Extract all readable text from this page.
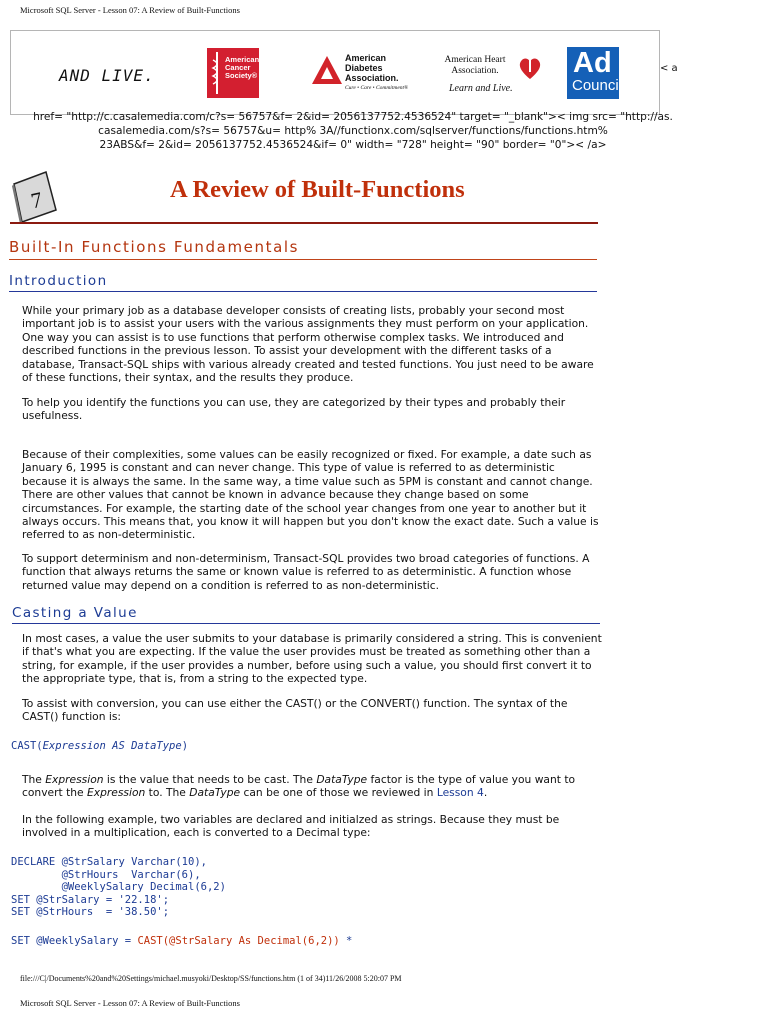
Microsoft SQL Server - Lesson 07: A Review of Built-Functions
AND LIVE.
American
Cancer
Society®
American
Diabetes
Association.
Cure • Care • Commitment®
American Heart
Association.
Learn and Live.
Ad
Council
< a
href= "http://c.casalemedia.com/c?s= 56757&f= 2&id= 2056137752.4536524" target= "_blank">< img src= "http://as.
casalemedia.com/s?s= 56757&u= http% 3A//functionx.com/sqlserver/functions/functions.htm%
23ABS&f= 2&id= 2056137752.4536524&if= 0" width= "728" height= "90" border= "0">< /a>
7	A Review of Built-Functions
Built-In Functions Fundamentals
Introduction

While your primary job as a database developer consists of creating lists, probably your second most important job is to assist your users with the various assignments they must perform on your application. One way you can assist is to use functions that perform otherwise complex tasks. We introduced and described functions in the previous lesson. To assist your development with the different tasks of a database, Transact-SQL ships with various already created and tested functions. You just need to be aware of these functions, their syntax, and the results they produce.

To help you identify the functions you can use, they are categorized by their types and probably their usefulness.

Because of their complexities, some values can be easily recognized or fixed. For example, a date such as January 6, 1995 is constant and can never change. This type of value is referred to as deterministic because it is always the same. In the same way, a time value such as 5PM is constant and cannot change. There are other values that cannot be known in advance because they change based on some circumstances. For example, the starting date of the school year changes from one year to another but it always occurs. This means that, you know it will happen but you don't know the exact date. Such a value is referred to as non-deterministic.

To support determinism and non-determinism, Transact-SQL provides two broad categories of functions. A function that always returns the same or known value is referred to as deterministic. A function whose returned value may depend on a condition is referred to as non-deterministic.

Casting a Value

In most cases, a value the user submits to your database is primarily considered a string. This is convenient if that's what you are expecting. If the value the user provides must be treated as something other than a string, for example, if the user provides a number, before using such a value, you should first convert it to the appropriate type, that is, from a string to the expected type.

To assist with conversion, you can use either the CAST() or the CONVERT() function. The syntax of the CAST() function is:

CAST(Expression AS DataType)

The Expression is the value that needs to be cast. The DataType factor is the type of value you want to convert the Expression to. The DataType can be one of those we reviewed in Lesson 4.

In the following example, two variables are declared and initialzed as strings. Because they must be involved in a multiplication, each is converted to a Decimal type:

DECLARE @StrSalary Varchar(10),
@StrHours  Varchar(6),
@WeeklySalary Decimal(6,2)
SET @StrSalary = '22.18';
SET @StrHours  = '38.50';
SET @WeeklySalary = CAST(@StrSalary As Decimal(6,2)) *
file:///C|/Documents%20and%20Settings/michael.musyoki/Desktop/SS/functions.htm (1 of 34)11/26/2008 5:20:07 PM
Microsoft SQL Server - Lesson 07: A Review of Built-Functions
